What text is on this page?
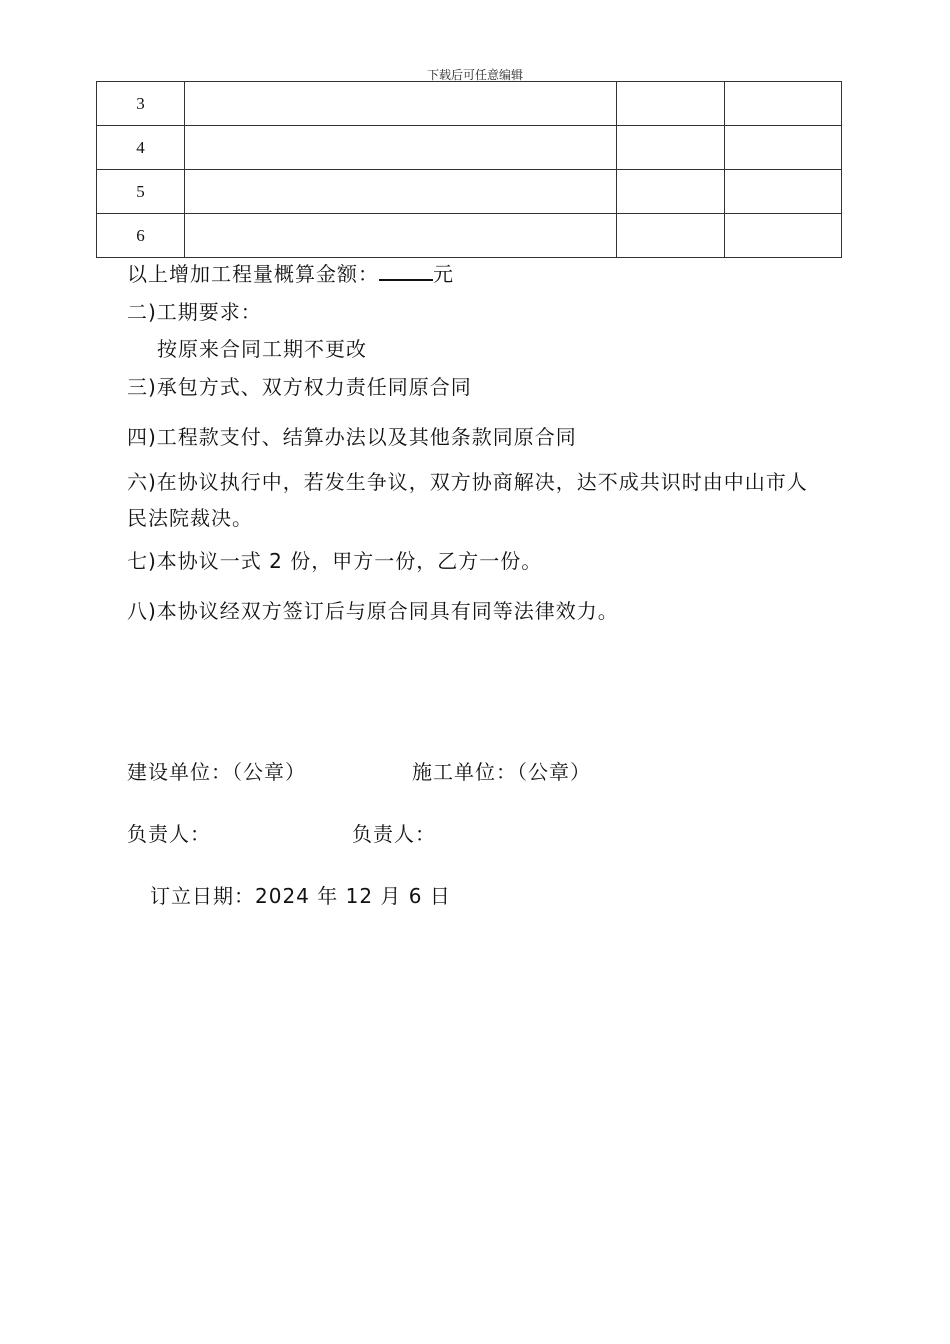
下载后可任意编辑
3			
4			
5			
6			
以上增加工程量概算金额：	元
二)工期要求：
按原来合同工期不更改
三)承包方式、双方权力责任同原合同
四)工程款支付、结算办法以及其他条款同原合同
六)在协议执行中，若发生争议，双方协商解决，达不成共识时由中山市人民法院裁决。
七)本协议一式 2 份，甲方一份，乙方一份。
八)本协议经双方签订后与原合同具有同等法律效力。
建设单位：（公章）	施工单位：（公章）
负责人：	负责人：
订立日期：2024 年 12 月 6 日
